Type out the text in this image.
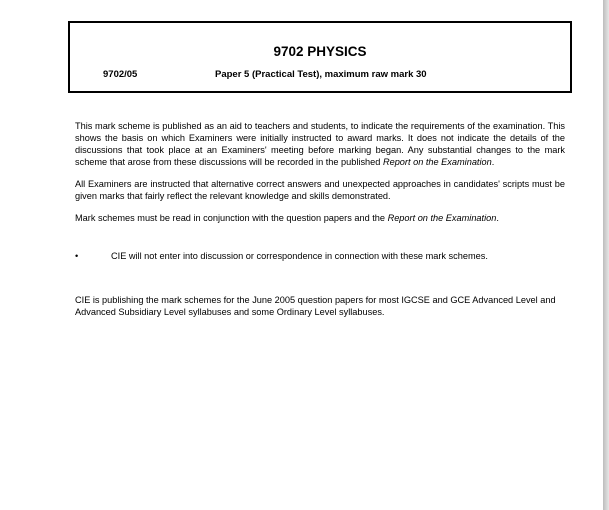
9702 PHYSICS
9702/05	Paper 5 (Practical Test), maximum raw mark 30

This mark scheme is published as an aid to teachers and students, to indicate the requirements of the examination. This shows the basis on which Examiners were initially instructed to award marks. It does not indicate the details of the discussions that took place at an Examiners' meeting before marking began. Any substantial changes to the mark scheme that arose from these discussions will be recorded in the published Report on the Examination.

All Examiners are instructed that alternative correct answers and unexpected approaches in candidates' scripts must be given marks that fairly reflect the relevant knowledge and skills demonstrated.

Mark schemes must be read in conjunction with the question papers and the Report on the Examination.

•	CIE will not enter into discussion or correspondence in connection with these mark schemes.

CIE is publishing the mark schemes for the June 2005 question papers for most IGCSE and GCE Advanced Level and Advanced Subsidiary Level syllabuses and some Ordinary Level syllabuses.
